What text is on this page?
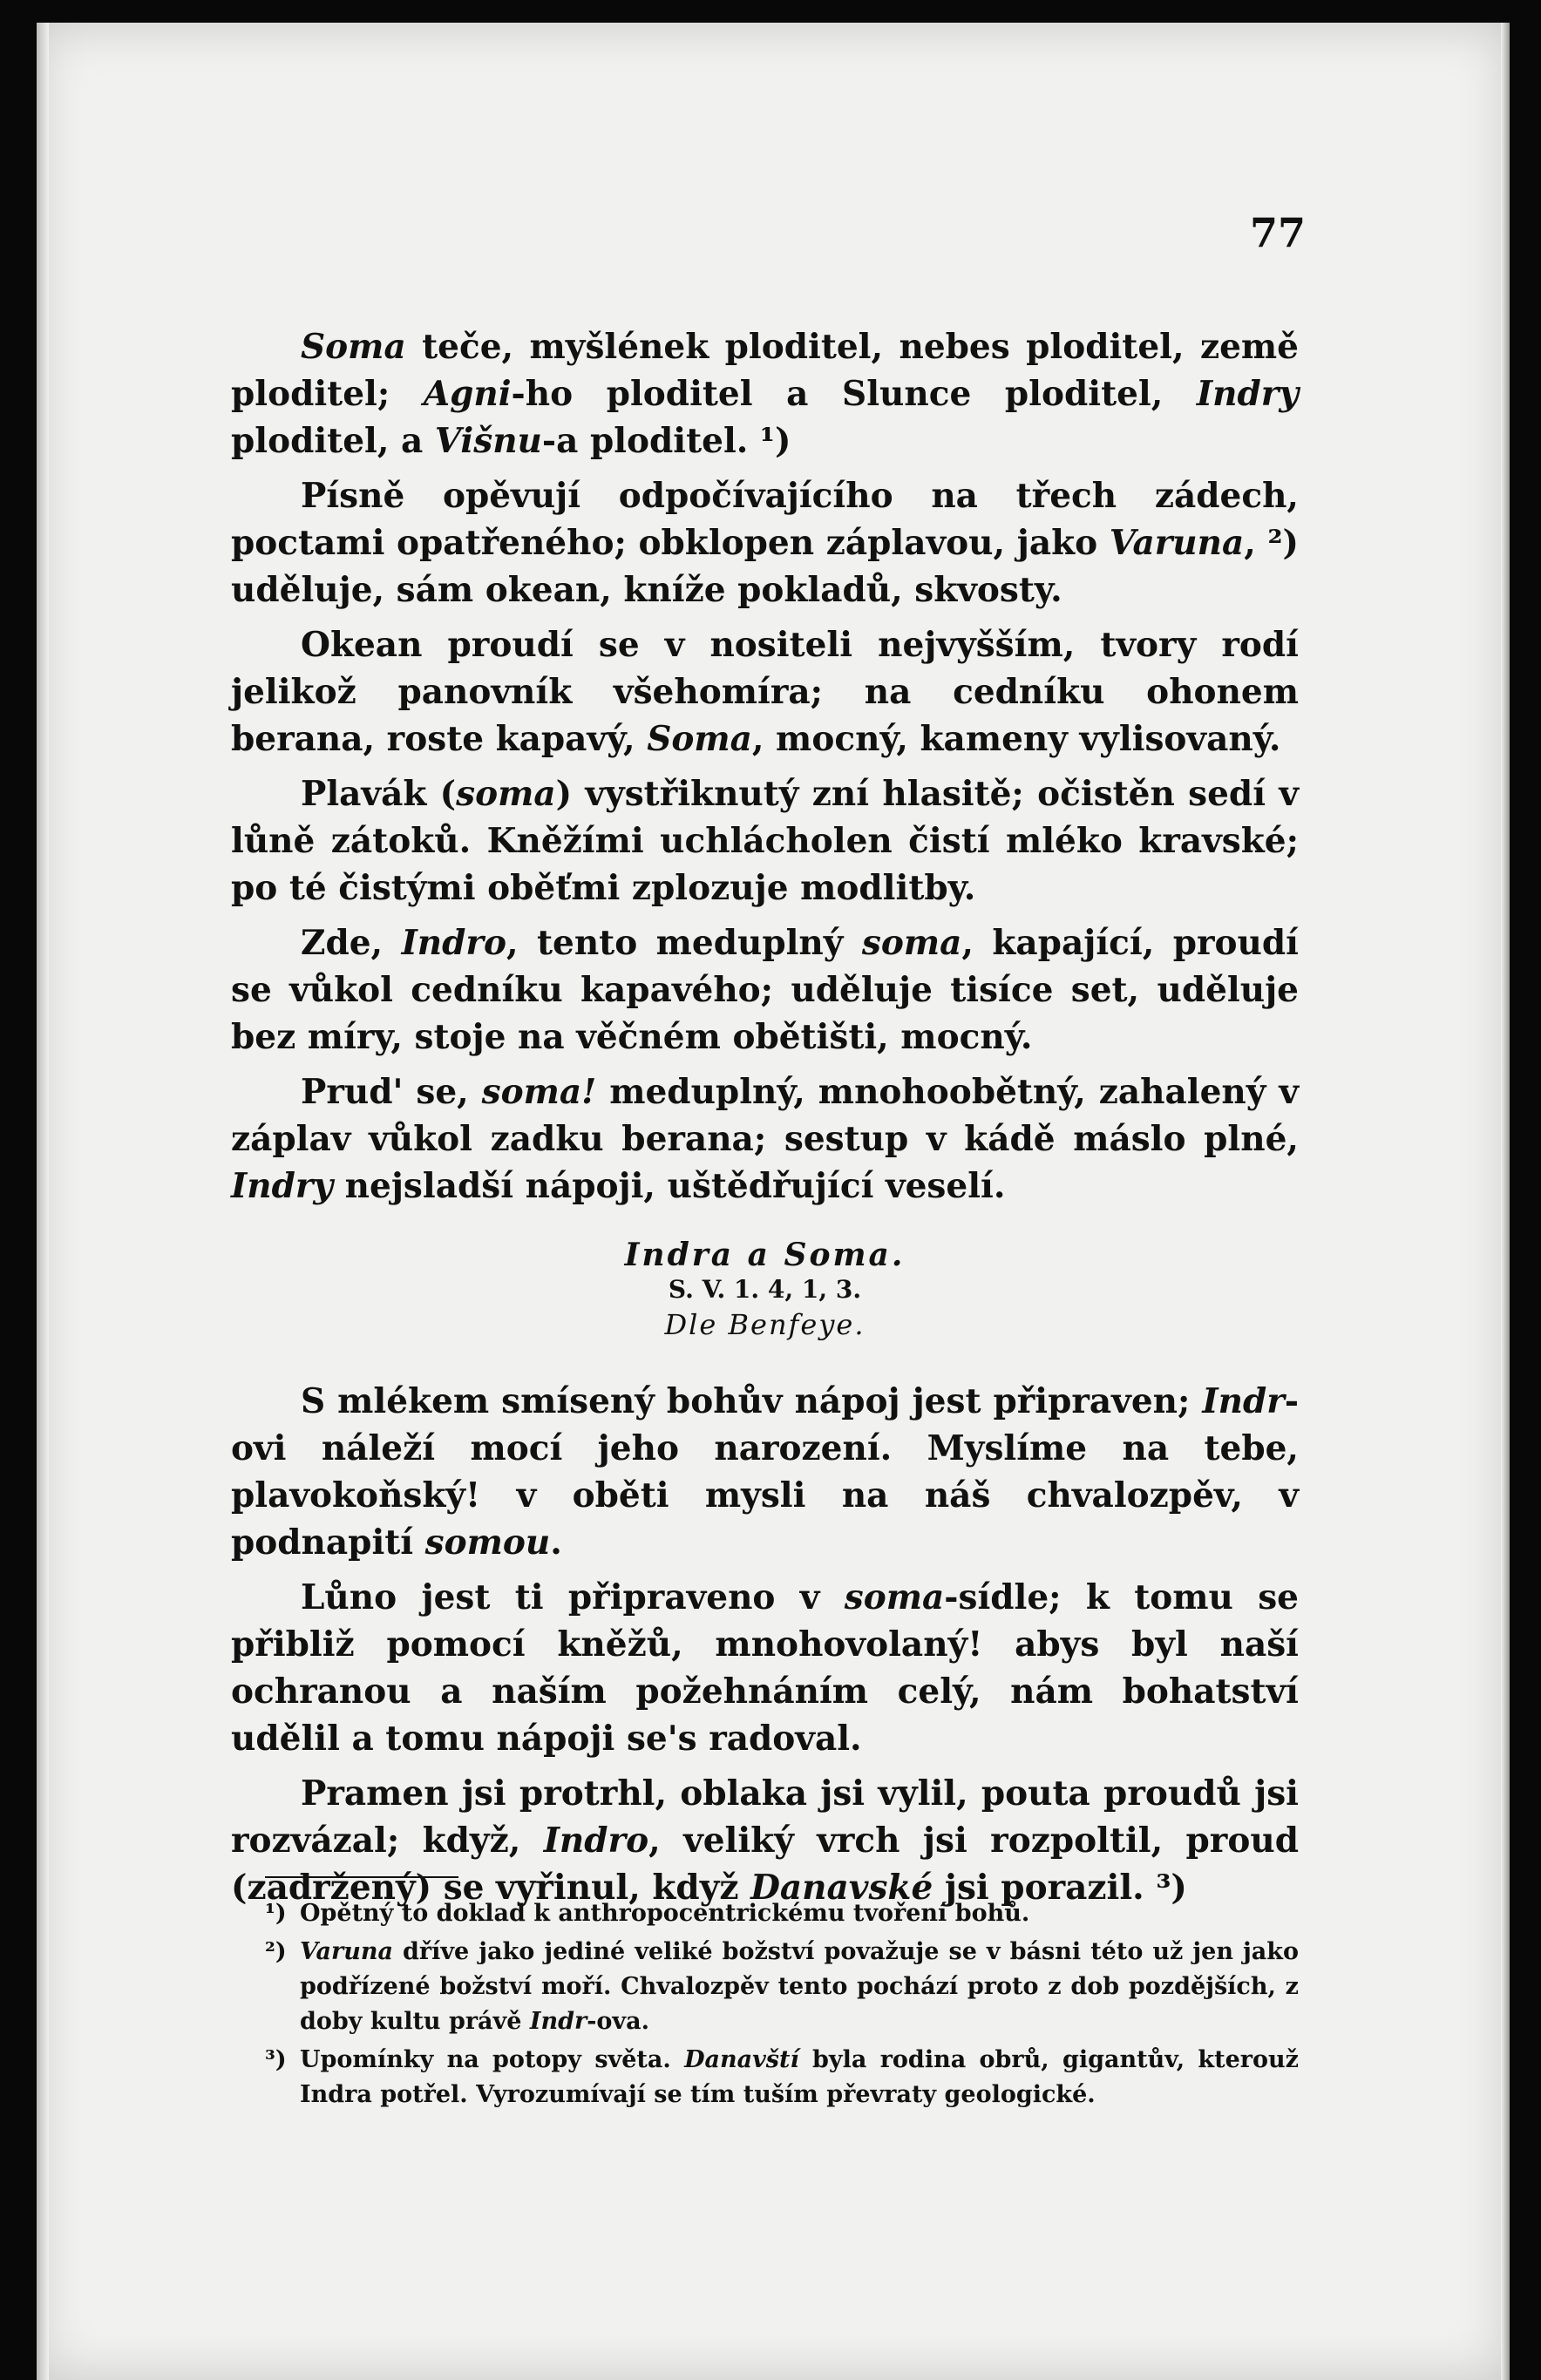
77

Soma teče, myšlének ploditel, nebes ploditel, země ploditel; Agni-ho ploditel a Slunce ploditel, Indry ploditel, a Višnu-a ploditel. ¹)

Písně opěvují odpočívajícího na třech zádech, poctami opatřeného; obklopen záplavou, jako Varuna, ²) uděluje, sám okean, kníže pokladů, skvosty.

Okean proudí se v nositeli nejvyšším, tvory rodí jelikož panovník všehomíra; na cedníku ohonem berana, roste kapavý, Soma, mocný, kameny vylisovaný.

Plavák (soma) vystřiknutý zní hlasitě; očistěn sedí v lůně zátoků. Kněžími uchlácholen čistí mléko kravské; po té čistými oběťmi zplozuje modlitby.

Zde, Indro, tento meduplný soma, kapající, proudí se vůkol cedníku kapavého; uděluje tisíce set, uděluje bez míry, stoje na věčném obětišti, mocný.

Prud' se, soma! meduplný, mnohoobětný, zahalený v záplav vůkol zadku berana; sestup v kádě máslo plné, Indry nejsladší nápoji, uštědřující veselí.

Indra a Soma.
S. V. 1. 4, 1, 3.
Dle Benfeye.

S mlékem smísený bohův nápoj jest připraven; Indr-ovi náleží mocí jeho narození. Myslíme na tebe, plavokoňský! v oběti mysli na náš chvalozpěv, v podnapití somou.

Lůno jest ti připraveno v soma-sídle; k tomu se přibliž pomocí kněžů, mnohovolaný! abys byl naší ochranou a naším požehnáním celý, nám bohatství udělil a tomu nápoji se's radoval.

Pramen jsi protrhl, oblaka jsi vylil, pouta proudů jsi rozvázal; když, Indro, veliký vrch jsi rozpoltil, proud (zadržený) se vyřinul, když Danavské jsi porazil. ³)

¹) Opětný to doklad k anthropocentrickému tvoření bohů.

²) Varuna dříve jako jediné veliké božství považuje se v básni této už jen jako podřízené božství moří. Chvalozpěv tento pochází proto z dob pozdějších, z doby kultu právě Indr-ova.

³) Upomínky na potopy světa. Danavští byla rodina obrů, gigantův, kterouž Indra potřel. Vyrozumívají se tím tuším převraty geologické.
